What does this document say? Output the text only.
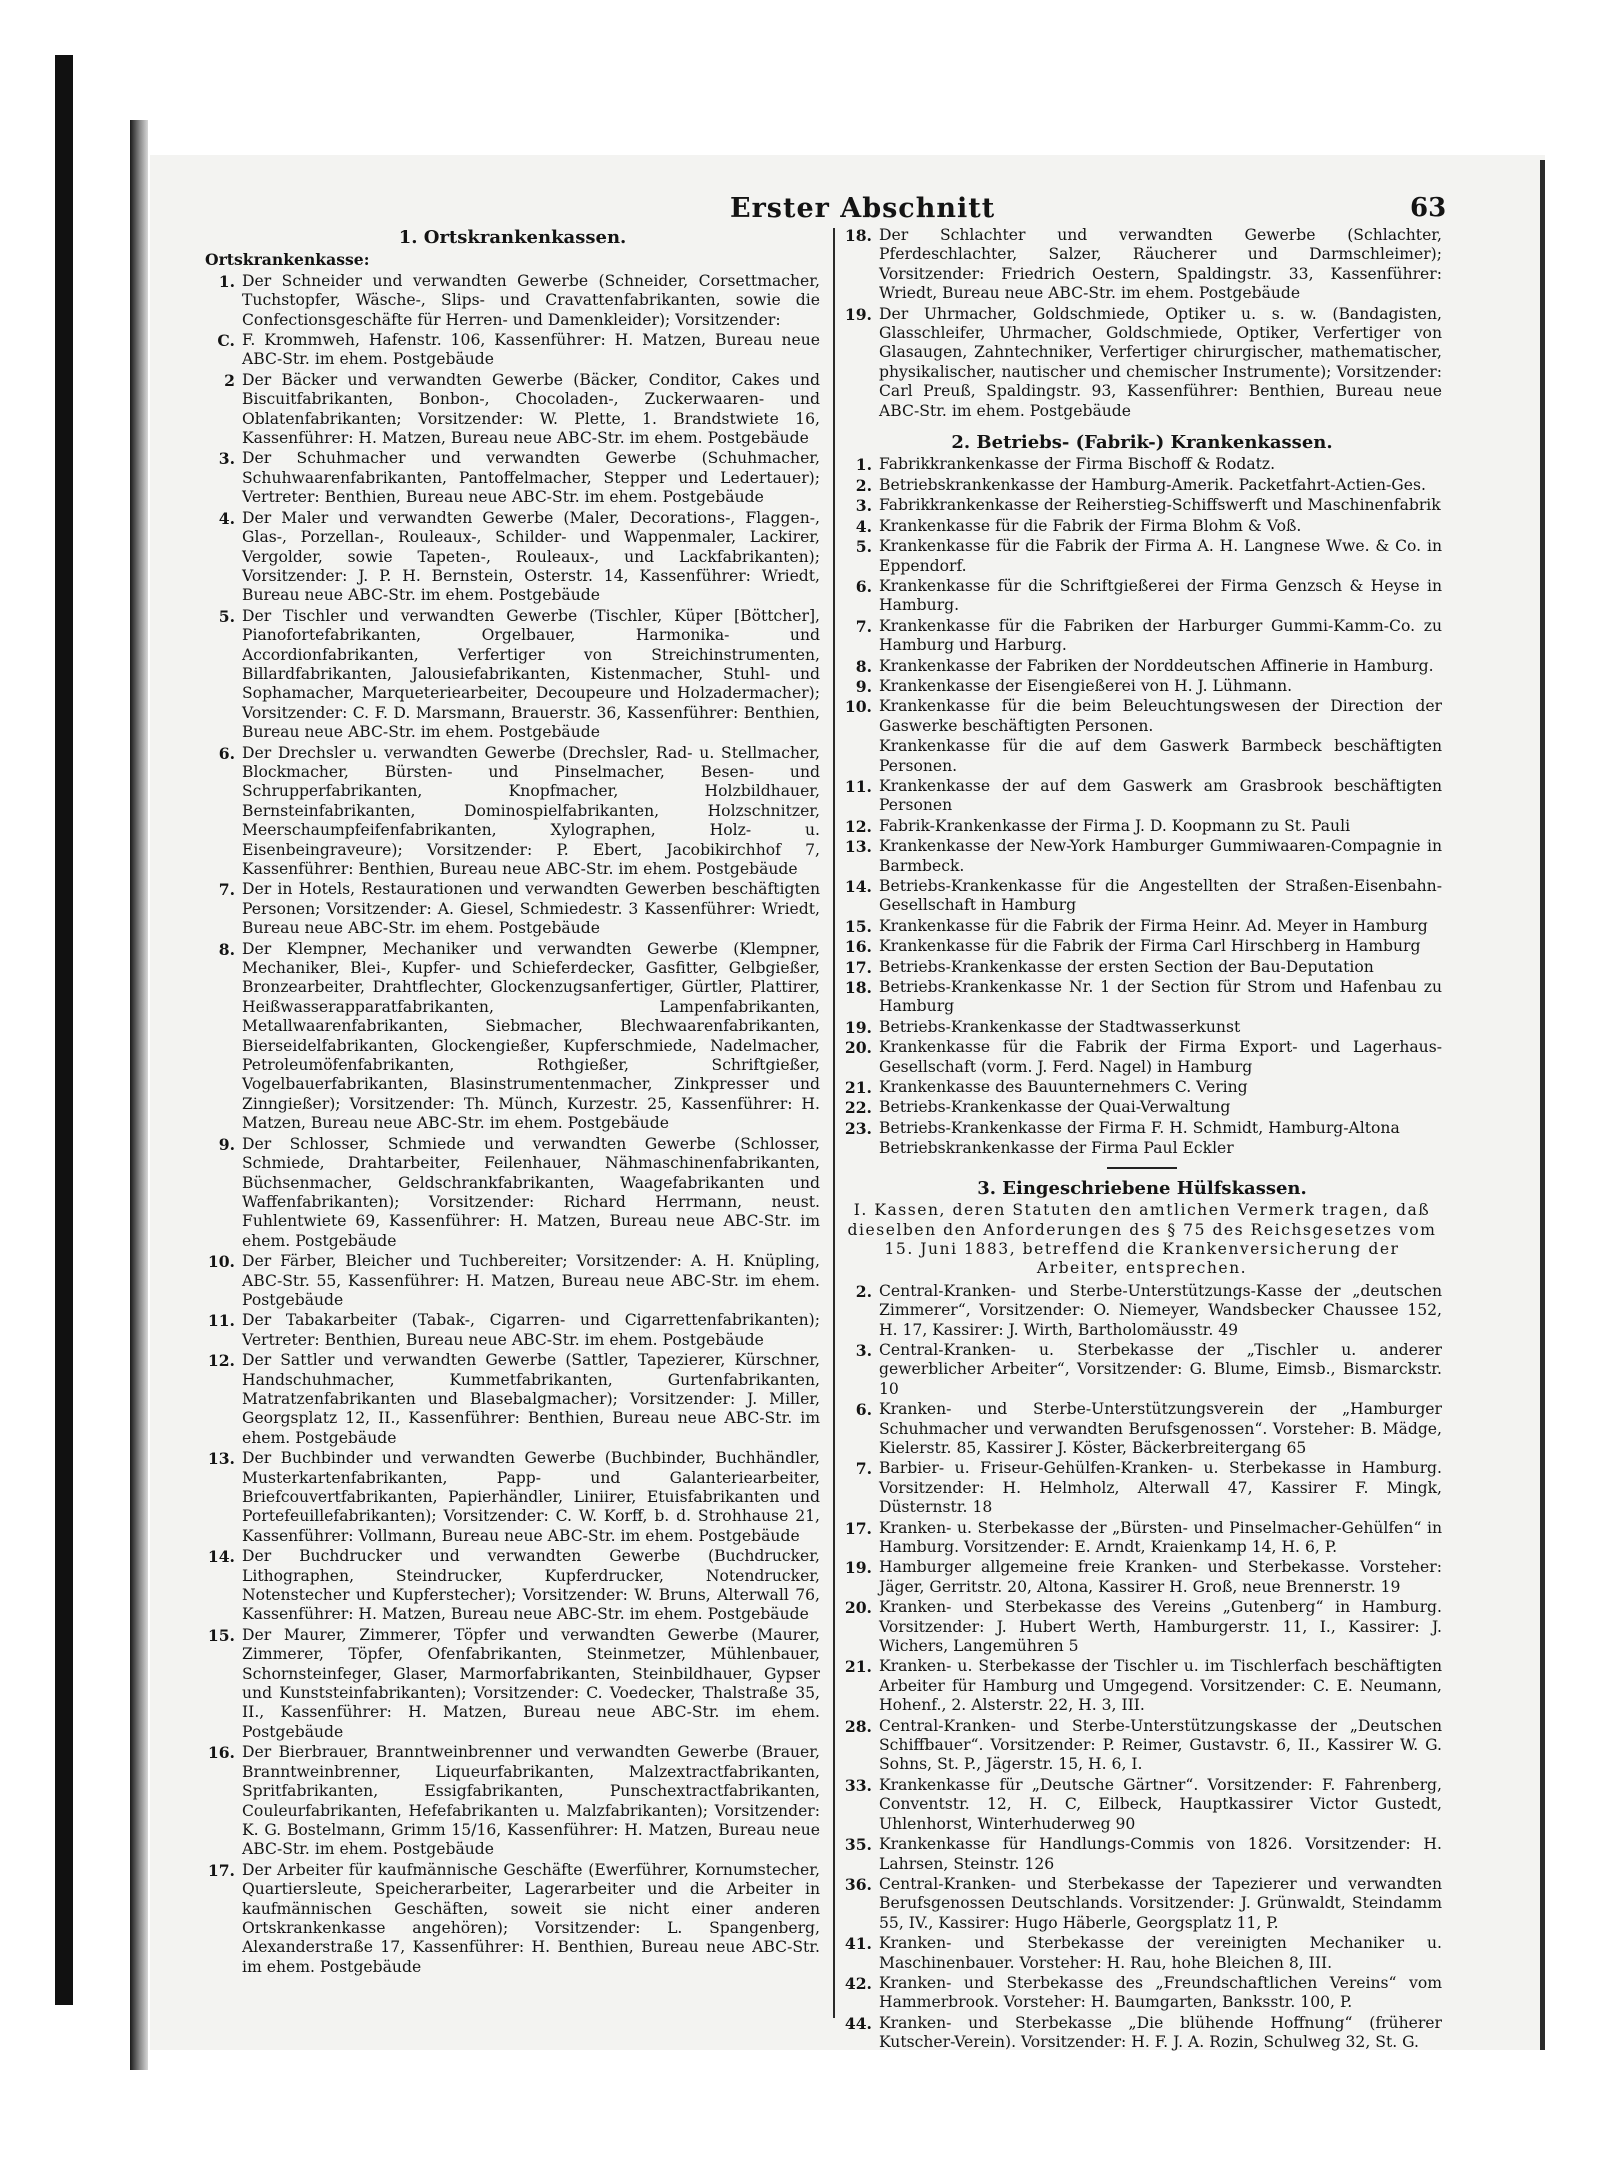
Erster Abschnitt	63
1. Ortskrankenkassen.
Ortskrankenkasse:
1. Der Schneider und verwandten Gewerbe (Schneider, Corsettmacher, Tuchstopfer, Wäsche-, Slips- und Cravattenfabrikanten, sowie die Confectionsgeschäfte für Herren- und Damenkleider); Vorsitzender:
C. F. Krommweh, Hafenstr. 106, Kassenführer: H. Matzen, Bureau neue ABC-Str. im ehem. Postgebäude
2 Der Bäcker und verwandten Gewerbe (Bäcker, Conditor, Cakes und Biscuitfabrikanten, Bonbon-, Chocoladen-, Zuckerwaaren- und Oblatenfabrikanten; Vorsitzender: W. Plette, 1. Brandstwiete 16, Kassenführer: H. Matzen, Bureau neue ABC-Str. im ehem. Postgebäude
3. Der Schuhmacher und verwandten Gewerbe (Schuhmacher, Schuhwaarenfabrikanten, Pantoffelmacher, Stepper und Ledertauer); Vertreter: Benthien, Bureau neue ABC-Str. im ehem. Postgebäude
4. Der Maler und verwandten Gewerbe (Maler, Decorations-, Flaggen-, Glas-, Porzellan-, Rouleaux-, Schilder- und Wappenmaler, Lackirer, Vergolder, sowie Tapeten-, Rouleaux-, und Lackfabrikanten); Vorsitzender: J. P. H. Bernstein, Osterstr. 14, Kassenführer: Wriedt, Bureau neue ABC-Str. im ehem. Postgebäude
5. Der Tischler und verwandten Gewerbe (Tischler, Küper [Böttcher], Pianofortefabrikanten, Orgelbauer, Harmonika- und Accordionfabrikanten, Verfertiger von Streichinstrumenten, Billardfabrikanten, Jalousiefabrikanten, Kistenmacher, Stuhl- und Sophamacher, Marqueteriearbeiter, Decoupeure und Holzadermacher); Vorsitzender: C. F. D. Marsmann, Brauerstr. 36, Kassenführer: Benthien, Bureau neue ABC-Str. im ehem. Postgebäude
6. Der Drechsler u. verwandten Gewerbe (Drechsler, Rad- u. Stellmacher, Blockmacher, Bürsten- und Pinselmacher, Besen- und Schrupperfabrikanten, Knopfmacher, Holzbildhauer, Bernsteinfabrikanten, Dominospielfabrikanten, Holzschnitzer, Meerschaumpfeifenfabrikanten, Xylographen, Holz- u. Eisenbeingraveure); Vorsitzender: P. Ebert, Jacobikirchhof 7, Kassenführer: Benthien, Bureau neue ABC-Str. im ehem. Postgebäude
7. Der in Hotels, Restaurationen und verwandten Gewerben beschäftigten Personen; Vorsitzender: A. Giesel, Schmiedestr. 3 Kassenführer: Wriedt, Bureau neue ABC-Str. im ehem. Postgebäude
8. Der Klempner, Mechaniker und verwandten Gewerbe (Klempner, Mechaniker, Blei-, Kupfer- und Schieferdecker, Gasfitter, Gelbgießer, Bronzearbeiter, Drahtflechter, Glockenzugsanfertiger, Gürtler, Plattirer, Heißwasserapparatfabrikanten, Lampenfabrikanten, Metallwaarenfabrikanten, Siebmacher, Blechwaarenfabrikanten, Bierseidelfabrikanten, Glockengießer, Kupferschmiede, Nadelmacher, Petroleumöfenfabrikanten, Rothgießer, Schriftgießer, Vogelbauerfabrikanten, Blasinstrumentenmacher, Zinkpresser und Zinngießer); Vorsitzender: Th. Münch, Kurzestr. 25, Kassenführer: H. Matzen, Bureau neue ABC-Str. im ehem. Postgebäude
9. Der Schlosser, Schmiede und verwandten Gewerbe (Schlosser, Schmiede, Drahtarbeiter, Feilenhauer, Nähmaschinenfabrikanten, Büchsenmacher, Geldschrankfabrikanten, Waagefabrikanten und Waffenfabrikanten); Vorsitzender: Richard Herrmann, neust. Fuhlentwiete 69, Kassenführer: H. Matzen, Bureau neue ABC-Str. im ehem. Postgebäude
10. Der Färber, Bleicher und Tuchbereiter; Vorsitzender: A. H. Knüpling, ABC-Str. 55, Kassenführer: H. Matzen, Bureau neue ABC-Str. im ehem. Postgebäude
11. Der Tabakarbeiter (Tabak-, Cigarren- und Cigarrettenfabrikanten); Vertreter: Benthien, Bureau neue ABC-Str. im ehem. Postgebäude
12. Der Sattler und verwandten Gewerbe (Sattler, Tapezierer, Kürschner, Handschuhmacher, Kummetfabrikanten, Gurtenfabrikanten, Matratzenfabrikanten und Blasebalgmacher); Vorsitzender: J. Miller, Georgsplatz 12, II., Kassenführer: Benthien, Bureau neue ABC-Str. im ehem. Postgebäude
13. Der Buchbinder und verwandten Gewerbe (Buchbinder, Buchhändler, Musterkartenfabrikanten, Papp- und Galanteriearbeiter, Briefcouvertfabrikanten, Papierhändler, Liniirer, Etuisfabrikanten und Portefeuillefabrikanten); Vorsitzender: C. W. Korff, b. d. Strohhause 21, Kassenführer: Vollmann, Bureau neue ABC-Str. im ehem. Postgebäude
14. Der Buchdrucker und verwandten Gewerbe (Buchdrucker, Lithographen, Steindrucker, Kupferdrucker, Notendrucker, Notenstecher und Kupferstecher); Vorsitzender: W. Bruns, Alterwall 76, Kassenführer: H. Matzen, Bureau neue ABC-Str. im ehem. Postgebäude
15. Der Maurer, Zimmerer, Töpfer und verwandten Gewerbe (Maurer, Zimmerer, Töpfer, Ofenfabrikanten, Steinmetzer, Mühlenbauer, Schornsteinfeger, Glaser, Marmorfabrikanten, Steinbildhauer, Gypser und Kunststeinfabrikanten); Vorsitzender: C. Voedecker, Thalstraße 35, II., Kassenführer: H. Matzen, Bureau neue ABC-Str. im ehem. Postgebäude
16. Der Bierbrauer, Branntweinbrenner und verwandten Gewerbe (Brauer, Branntweinbrenner, Liqueurfabrikanten, Malzextractfabrikanten, Spritfabrikanten, Essigfabrikanten, Punschextractfabrikanten, Couleurfabrikanten, Hefefabrikanten u. Malzfabrikanten); Vorsitzender: K. G. Bostelmann, Grimm 15/16, Kassenführer: H. Matzen, Bureau neue ABC-Str. im ehem. Postgebäude
17. Der Arbeiter für kaufmännische Geschäfte (Ewerführer, Kornumstecher, Quartiersleute, Speicherarbeiter, Lagerarbeiter und die Arbeiter in kaufmännischen Geschäften, soweit sie nicht einer anderen Ortskrankenkasse angehören); Vorsitzender: L. Spangenberg, Alexanderstraße 17, Kassenführer: H. Benthien, Bureau neue ABC-Str. im ehem. Postgebäude
18. Der Schlachter und verwandten Gewerbe (Schlachter, Pferdeschlachter, Salzer, Räucherer und Darmschleimer); Vorsitzender: Friedrich Oestern, Spaldingstr. 33, Kassenführer: Wriedt, Bureau neue ABC-Str. im ehem. Postgebäude
19. Der Uhrmacher, Goldschmiede, Optiker u. s. w. (Bandagisten, Glasschleifer, Uhrmacher, Goldschmiede, Optiker, Verfertiger von Glasaugen, Zahntechniker, Verfertiger chirurgischer, mathematischer, physikalischer, nautischer und chemischer Instrumente); Vorsitzender: Carl Preuß, Spaldingstr. 93, Kassenführer: Benthien, Bureau neue ABC-Str. im ehem. Postgebäude
2. Betriebs- (Fabrik-) Krankenkassen.
1. Fabrikkrankenkasse der Firma Bischoff & Rodatz.
2. Betriebskrankenkasse der Hamburg-Amerik. Packetfahrt-Actien-Ges.
3. Fabrikkrankenkasse der Reiherstieg-Schiffswerft und Maschinenfabrik
4. Krankenkasse für die Fabrik der Firma Blohm & Voß.
5. Krankenkasse für die Fabrik der Firma A. H. Langnese Wwe. & Co. in Eppendorf.
6. Krankenkasse für die Schriftgießerei der Firma Genzsch & Heyse in Hamburg.
7. Krankenkasse für die Fabriken der Harburger Gummi-Kamm-Co. zu Hamburg und Harburg.
8. Krankenkasse der Fabriken der Norddeutschen Affinerie in Hamburg.
9. Krankenkasse der Eisengießerei von H. J. Lühmann.
10. Krankenkasse für die beim Beleuchtungswesen der Direction der Gaswerke beschäftigten Personen.
Krankenkasse für die auf dem Gaswerk Barmbeck beschäftigten Personen.
11. Krankenkasse der auf dem Gaswerk am Grasbrook beschäftigten Personen
12. Fabrik-Krankenkasse der Firma J. D. Koopmann zu St. Pauli
13. Krankenkasse der New-York Hamburger Gummiwaaren-Compagnie in Barmbeck.
14. Betriebs-Krankenkasse für die Angestellten der Straßen-Eisenbahn-Gesellschaft in Hamburg
15. Krankenkasse für die Fabrik der Firma Heinr. Ad. Meyer in Hamburg
16. Krankenkasse für die Fabrik der Firma Carl Hirschberg in Hamburg
17. Betriebs-Krankenkasse der ersten Section der Bau-Deputation
18. Betriebs-Krankenkasse Nr. 1 der Section für Strom und Hafenbau zu Hamburg
19. Betriebs-Krankenkasse der Stadtwasserkunst
20. Krankenkasse für die Fabrik der Firma Export- und Lagerhaus-Gesellschaft (vorm. J. Ferd. Nagel) in Hamburg
21. Krankenkasse des Bauunternehmers C. Vering
22. Betriebs-Krankenkasse der Quai-Verwaltung
23. Betriebs-Krankenkasse der Firma F. H. Schmidt, Hamburg-Altona
Betriebskrankenkasse der Firma Paul Eckler
3. Eingeschriebene Hülfskassen.
I. Kassen, deren Statuten den amtlichen Vermerk tragen, daß dieselben den Anforderungen des § 75 des Reichsgesetzes vom 15. Juni 1883, betreffend die Krankenversicherung der Arbeiter, entsprechen.
2. Central-Kranken- und Sterbe-Unterstützungs-Kasse der „deutschen Zimmerer“, Vorsitzender: O. Niemeyer, Wandsbecker Chaussee 152, H. 17, Kassirer: J. Wirth, Bartholomäusstr. 49
3. Central-Kranken- u. Sterbekasse der „Tischler u. anderer gewerblicher Arbeiter“, Vorsitzender: G. Blume, Eimsb., Bismarckstr. 10
6. Kranken- und Sterbe-Unterstützungsverein der „Hamburger Schuhmacher und verwandten Berufsgenossen“. Vorsteher: B. Mädge, Kielerstr. 85, Kassirer J. Köster, Bäckerbreitergang 65
7. Barbier- u. Friseur-Gehülfen-Kranken- u. Sterbekasse in Hamburg. Vorsitzender: H. Helmholz, Alterwall 47, Kassirer F. Mingk, Düsternstr. 18
17. Kranken- u. Sterbekasse der „Bürsten- und Pinselmacher-Gehülfen“ in Hamburg. Vorsitzender: E. Arndt, Kraienkamp 14, H. 6, P.
19. Hamburger allgemeine freie Kranken- und Sterbekasse. Vorsteher: Jäger, Gerritstr. 20, Altona, Kassirer H. Groß, neue Brennerstr. 19
20. Kranken- und Sterbekasse des Vereins „Gutenberg“ in Hamburg. Vorsitzender: J. Hubert Werth, Hamburgerstr. 11, I., Kassirer: J. Wichers, Langemühren 5
21. Kranken- u. Sterbekasse der Tischler u. im Tischlerfach beschäftigten Arbeiter für Hamburg und Umgegend. Vorsitzender: C. E. Neumann, Hohenf., 2. Alsterstr. 22, H. 3, III.
28. Central-Kranken- und Sterbe-Unterstützungskasse der „Deutschen Schiffbauer“. Vorsitzender: P. Reimer, Gustavstr. 6, II., Kassirer W. G. Sohns, St. P., Jägerstr. 15, H. 6, I.
33. Krankenkasse für „Deutsche Gärtner“. Vorsitzender: F. Fahrenberg, Conventstr. 12, H. C, Eilbeck, Hauptkassirer Victor Gustedt, Uhlenhorst, Winterhuderweg 90
35. Krankenkasse für Handlungs-Commis von 1826. Vorsitzender: H. Lahrsen, Steinstr. 126
36. Central-Kranken- und Sterbekasse der Tapezierer und verwandten Berufsgenossen Deutschlands. Vorsitzender: J. Grünwaldt, Steindamm 55, IV., Kassirer: Hugo Häberle, Georgsplatz 11, P.
41. Kranken- und Sterbekasse der vereinigten Mechaniker u. Maschinenbauer. Vorsteher: H. Rau, hohe Bleichen 8, III.
42. Kranken- und Sterbekasse des „Freundschaftlichen Vereins“ vom Hammerbrook. Vorsteher: H. Baumgarten, Banksstr. 100, P.
44. Kranken- und Sterbekasse „Die blühende Hoffnung“ (früherer Kutscher-Verein). Vorsitzender: H. F. J. A. Rozin, Schulweg 32, St. G.
